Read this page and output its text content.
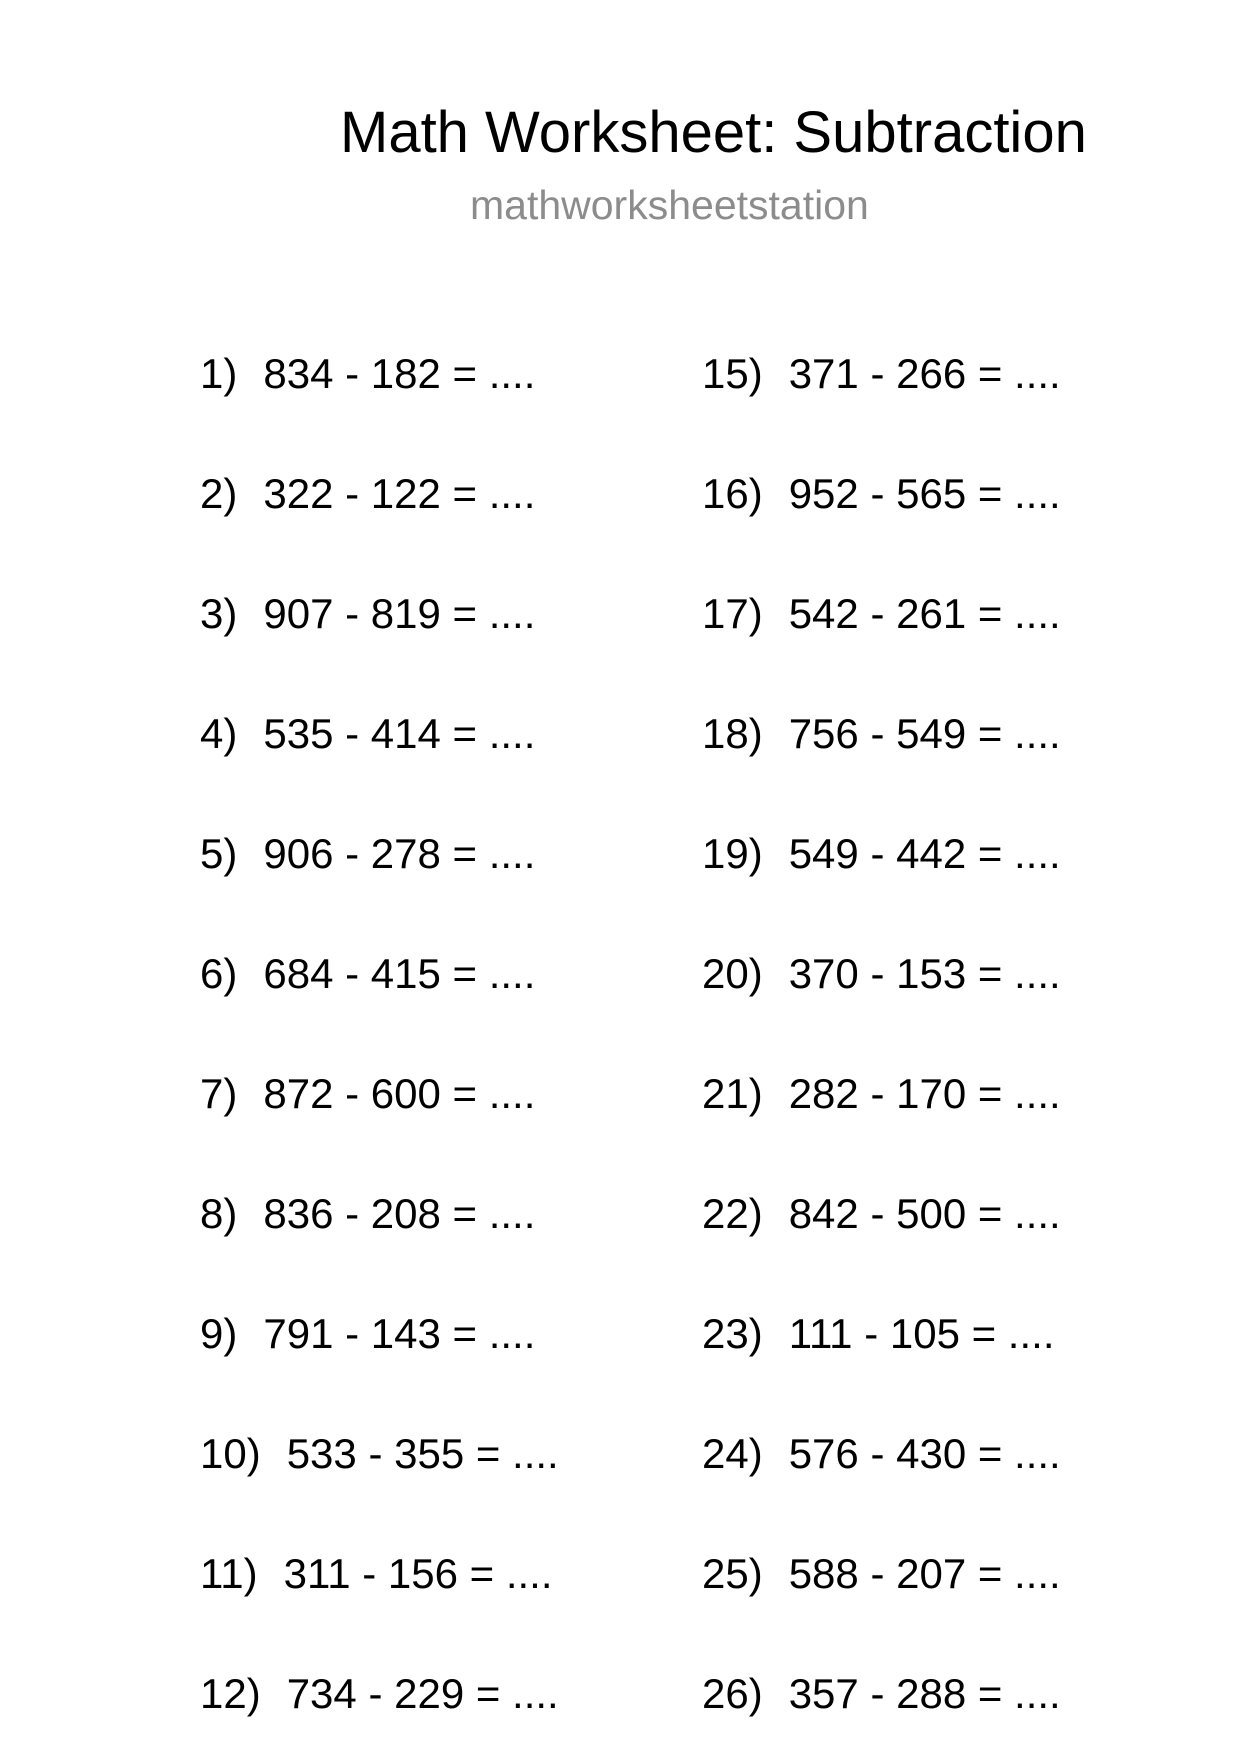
Math Worksheet: Subtraction
mathworksheetstation
1) 834 - 182 = ....
2) 322 - 122 = ....
3) 907 - 819 = ....
4) 535 - 414 = ....
5) 906 - 278 = ....
6) 684 - 415 = ....
7) 872 - 600 = ....
8) 836 - 208 = ....
9) 791 - 143 = ....
10) 533 - 355 = ....
11) 311 - 156 = ....
12) 734 - 229 = ....
15) 371 - 266 = ....
16) 952 - 565 = ....
17) 542 - 261 = ....
18) 756 - 549 = ....
19) 549 - 442 = ....
20) 370 - 153 = ....
21) 282 - 170 = ....
22) 842 - 500 = ....
23) 111 - 105 = ....
24) 576 - 430 = ....
25) 588 - 207 = ....
26) 357 - 288 = ....
